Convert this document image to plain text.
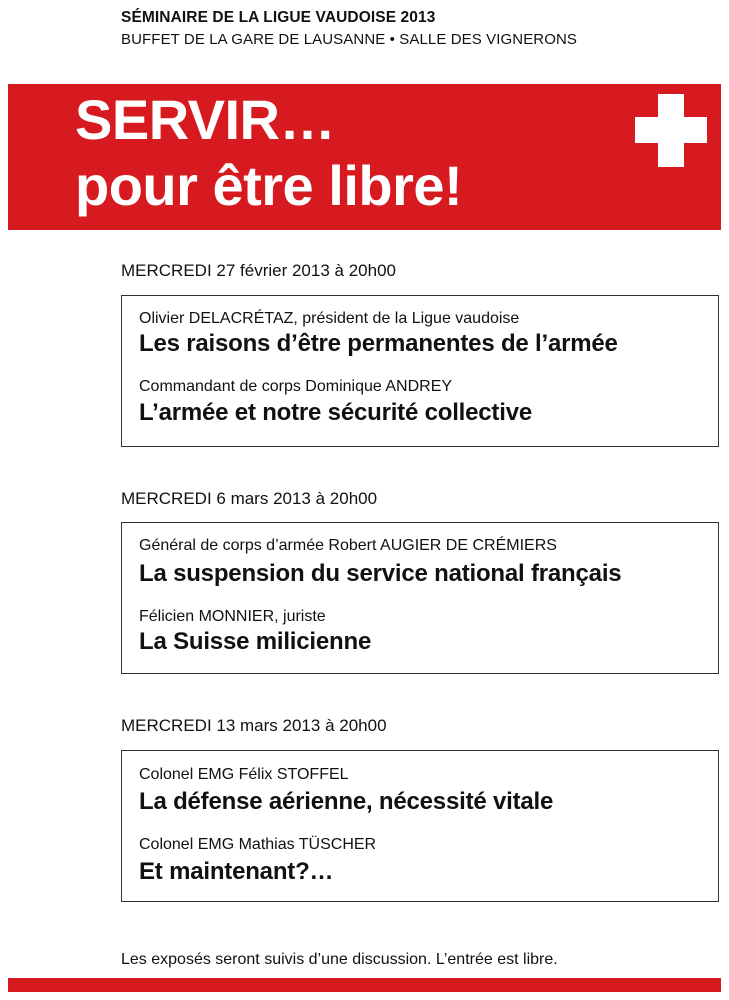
SÉMINAIRE DE LA LIGUE VAUDOISE 2013
BUFFET DE LA GARE DE LAUSANNE • SALLE DES VIGNERONS
SERVIR…
pour être libre!
MERCREDI 27 février 2013 à 20h00
Olivier DELACRÉTAZ, président de la Ligue vaudoise
Les raisons d’être permanentes de l’armée
Commandant de corps Dominique ANDREY
L’armée et notre sécurité collective
MERCREDI 6 mars 2013 à 20h00
Général de corps d’armée Robert AUGIER DE CRÉMIERS
La suspension du service national français
Félicien MONNIER, juriste
La Suisse milicienne
MERCREDI 13 mars 2013 à 20h00
Colonel EMG Félix STOFFEL
La défense aérienne, nécessité vitale
Colonel EMG Mathias TÜSCHER
Et maintenant?…
Les exposés seront suivis d’une discussion. L’entrée est libre.
